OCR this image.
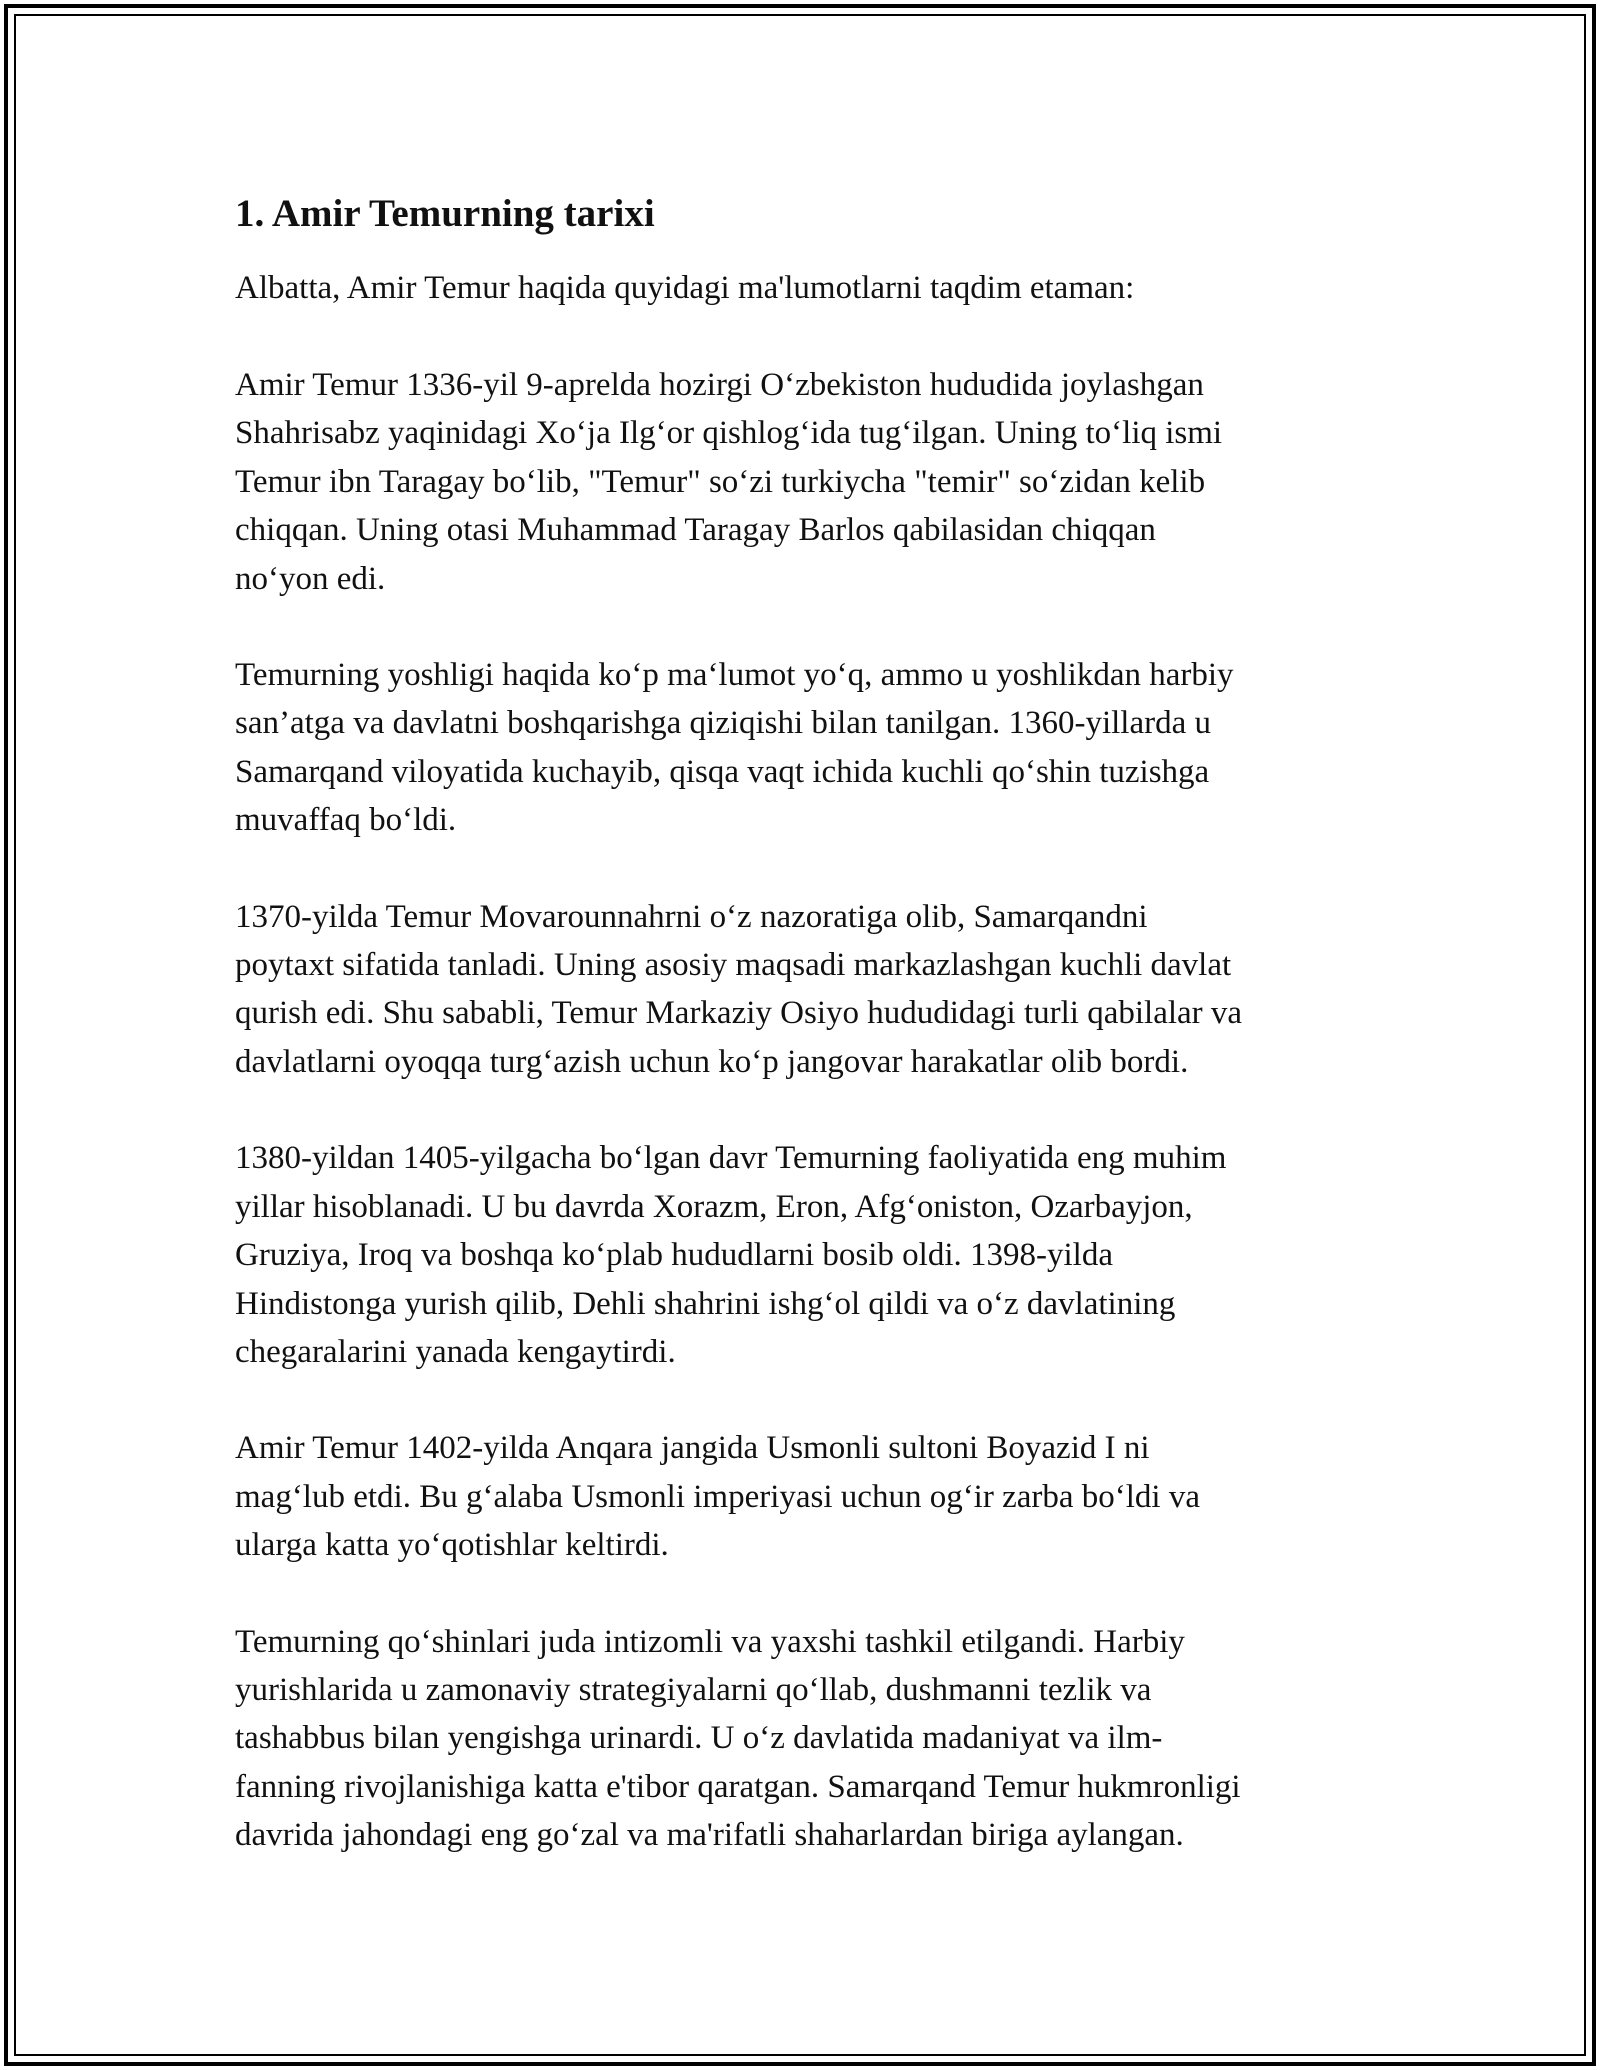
1. Amir Temurning tarixi

Albatta, Amir Temur haqida quyidagi ma'lumotlarni taqdim etaman:

Amir Temur 1336-yil 9-aprelda hozirgi O‘zbekiston hududida joylashgan
Shahrisabz yaqinidagi Xo‘ja Ilg‘or qishlog‘ida tug‘ilgan. Uning to‘liq ismi
Temur ibn Taragay bo‘lib, "Temur" so‘zi turkiycha "temir" so‘zidan kelib
chiqqan. Uning otasi Muhammad Taragay Barlos qabilasidan chiqqan
no‘yon edi.

Temurning yoshligi haqida ko‘p ma‘lumot yo‘q, ammo u yoshlikdan harbiy
san’atga va davlatni boshqarishga qiziqishi bilan tanilgan. 1360-yillarda u
Samarqand viloyatida kuchayib, qisqa vaqt ichida kuchli qo‘shin tuzishga
muvaffaq bo‘ldi.

1370-yilda Temur Movarounnahrni o‘z nazoratiga olib, Samarqandni
poytaxt sifatida tanladi. Uning asosiy maqsadi markazlashgan kuchli davlat
qurish edi. Shu sababli, Temur Markaziy Osiyo hududidagi turli qabilalar va
davlatlarni oyoqqa turg‘azish uchun ko‘p jangovar harakatlar olib bordi.

1380-yildan 1405-yilgacha bo‘lgan davr Temurning faoliyatida eng muhim
yillar hisoblanadi. U bu davrda Xorazm, Eron, Afg‘oniston, Ozarbayjon,
Gruziya, Iroq va boshqa ko‘plab hududlarni bosib oldi. 1398-yilda
Hindistonga yurish qilib, Dehli shahrini ishg‘ol qildi va o‘z davlatining
chegaralarini yanada kengaytirdi.

Amir Temur 1402-yilda Anqara jangida Usmonli sultoni Boyazid I ni
mag‘lub etdi. Bu g‘alaba Usmonli imperiyasi uchun og‘ir zarba bo‘ldi va
ularga katta yo‘qotishlar keltirdi.

Temurning qo‘shinlari juda intizomli va yaxshi tashkil etilgandi. Harbiy
yurishlarida u zamonaviy strategiyalarni qo‘llab, dushmanni tezlik va
tashabbus bilan yengishga urinardi. U o‘z davlatida madaniyat va ilm-
fanning rivojlanishiga katta e'tibor qaratgan. Samarqand Temur hukmronligi
davrida jahondagi eng go‘zal va ma'rifatli shaharlardan biriga aylangan.
